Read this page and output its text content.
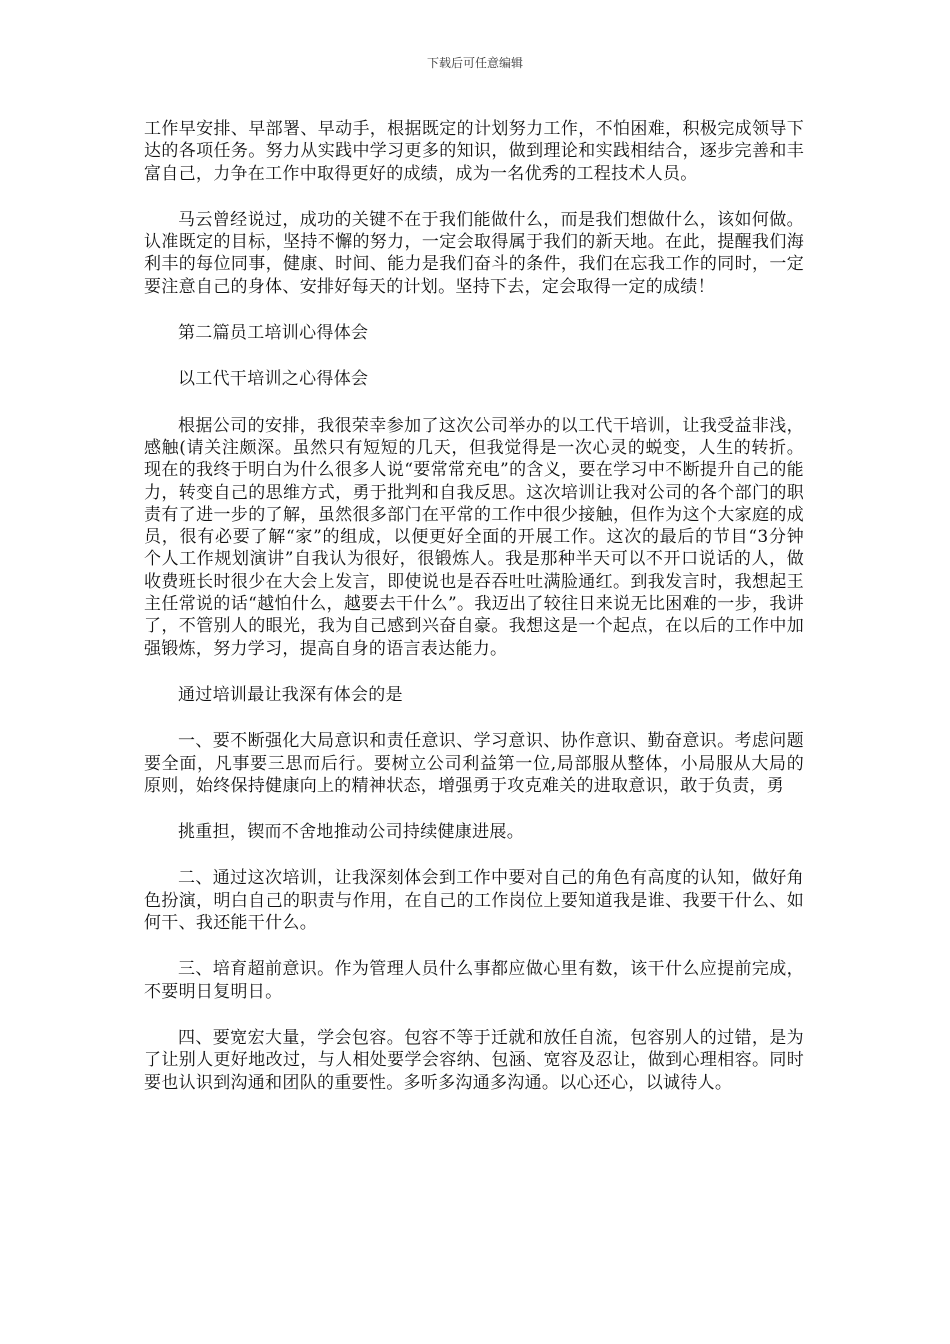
下载后可任意编辑

工作早安排、早部署、早动手，根据既定的计划努力工作，不怕困难，积极完成领导下达的各项任务。努力从实践中学习更多的知识，做到理论和实践相结合，逐步完善和丰富自己，力争在工作中取得更好的成绩，成为一名优秀的工程技术人员。

马云曾经说过，成功的关键不在于我们能做什么，而是我们想做什么，该如何做。认准既定的目标，坚持不懈的努力，一定会取得属于我们的新天地。在此，提醒我们海利丰的每位同事，健康、时间、能力是我们奋斗的条件，我们在忘我工作的同时，一定要注意自己的身体、安排好每天的计划。坚持下去，定会取得一定的成绩！

第二篇员工培训心得体会

以工代干培训之心得体会

根据公司的安排，我很荣幸参加了这次公司举办的以工代干培训，让我受益非浅，感触(请关注颇深。虽然只有短短的几天，但我觉得是一次心灵的蜕变，人生的转折。现在的我终于明白为什么很多人说“要常常充电”的含义，要在学习中不断提升自己的能力，转变自己的思维方式，勇于批判和自我反思。这次培训让我对公司的各个部门的职责有了进一步的了解，虽然很多部门在平常的工作中很少接触，但作为这个大家庭的成员，很有必要了解“家”的组成，以便更好全面的开展工作。这次的最后的节目“3分钟个人工作规划演讲”自我认为很好，很锻炼人。我是那种半天可以不开口说话的人，做收费班长时很少在大会上发言，即使说也是吞吞吐吐满脸通红。到我发言时，我想起王主任常说的话“越怕什么，越要去干什么”。我迈出了较往日来说无比困难的一步，我讲了，不管别人的眼光，我为自己感到兴奋自豪。我想这是一个起点，在以后的工作中加强锻炼，努力学习，提高自身的语言表达能力。

通过培训最让我深有体会的是

一、要不断强化大局意识和责任意识、学习意识、协作意识、勤奋意识。考虑问题要全面，凡事要三思而后行。要树立公司利益第一位,局部服从整体，小局服从大局的原则，始终保持健康向上的精神状态，增强勇于攻克难关的进取意识，敢于负责，勇

挑重担，锲而不舍地推动公司持续健康进展。

二、通过这次培训，让我深刻体会到工作中要对自己的角色有高度的认知，做好角色扮演，明白自己的职责与作用，在自己的工作岗位上要知道我是谁、我要干什么、如何干、我还能干什么。

三、培育超前意识。作为管理人员什么事都应做心里有数，该干什么应提前完成，不要明日复明日。

四、要宽宏大量，学会包容。包容不等于迁就和放任自流，包容别人的过错，是为了让别人更好地改过，与人相处要学会容纳、包涵、宽容及忍让，做到心理相容。同时要也认识到沟通和团队的重要性。多听多沟通多沟通。以心还心，以诚待人。
